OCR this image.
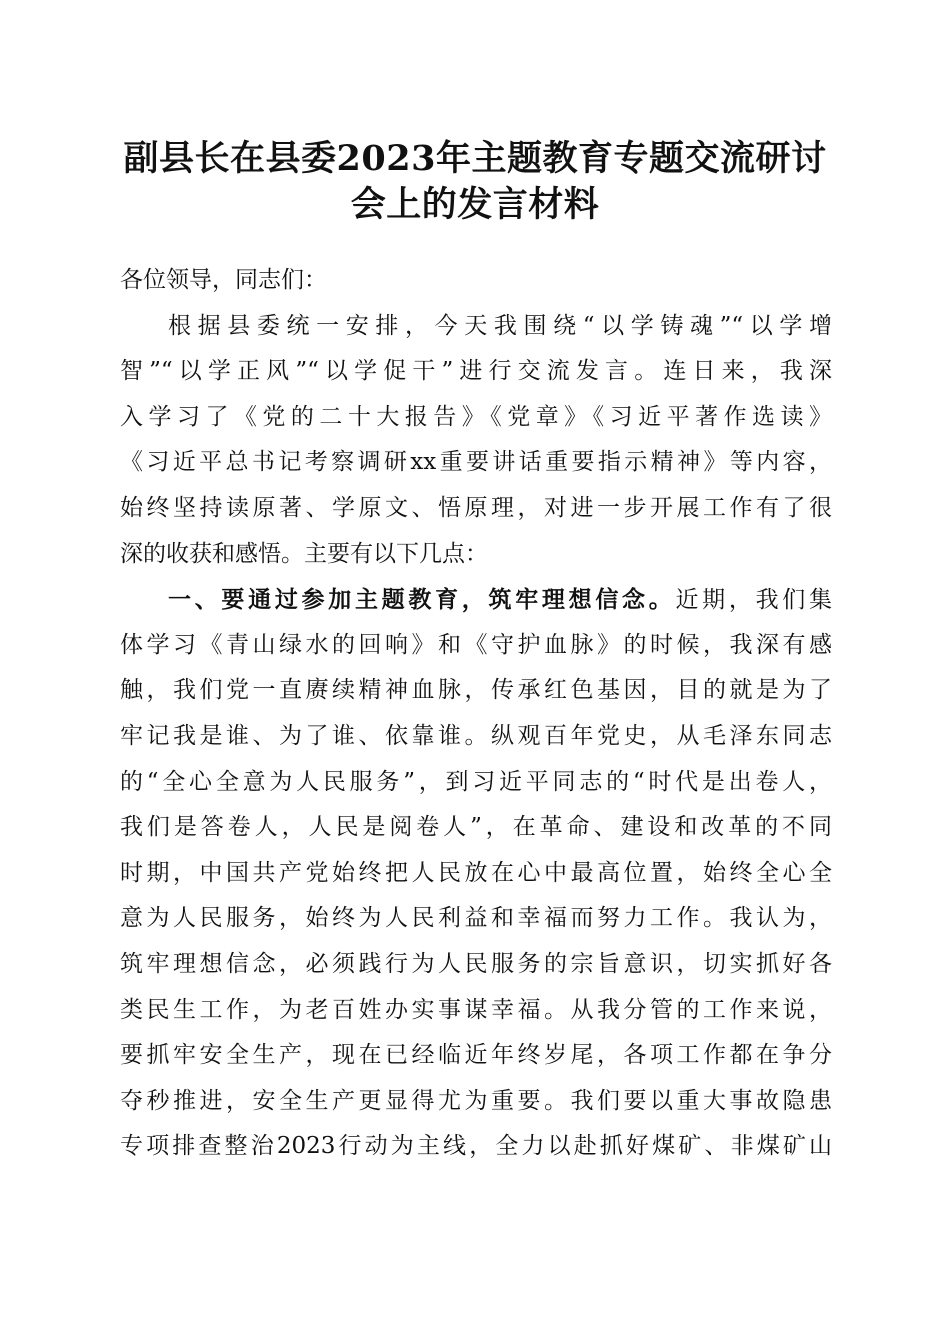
副县长在县委2023年主题教育专题交流研讨
会上的发言材料
各位领导，同志们：
根据县委统一安排，今天我围绕“以学铸魂”“以学增
智”“以学正风”“以学促干”进行交流发言。连日来，我深
入学习了《党的二十大报告》《党章》《习近平著作选读》
《习近平总书记考察调研xx重要讲话重要指示精神》等内容，
始终坚持读原著、学原文、悟原理，对进一步开展工作有了很
深的收获和感悟。主要有以下几点：
一、要通过参加主题教育，筑牢理想信念。近期，我们集
体学习《青山绿水的回响》和《守护血脉》的时候，我深有感
触，我们党一直赓续精神血脉，传承红色基因，目的就是为了
牢记我是谁、为了谁、依靠谁。纵观百年党史，从毛泽东同志
的“全心全意为人民服务”，到习近平同志的“时代是出卷人，
我们是答卷人，人民是阅卷人”，在革命、建设和改革的不同
时期，中国共产党始终把人民放在心中最高位置，始终全心全
意为人民服务，始终为人民利益和幸福而努力工作。我认为，
筑牢理想信念，必须践行为人民服务的宗旨意识，切实抓好各
类民生工作，为老百姓办实事谋幸福。从我分管的工作来说，
要抓牢安全生产，现在已经临近年终岁尾，各项工作都在争分
夺秒推进，安全生产更显得尤为重要。我们要以重大事故隐患
专项排查整治2023行动为主线，全力以赴抓好煤矿、非煤矿山
